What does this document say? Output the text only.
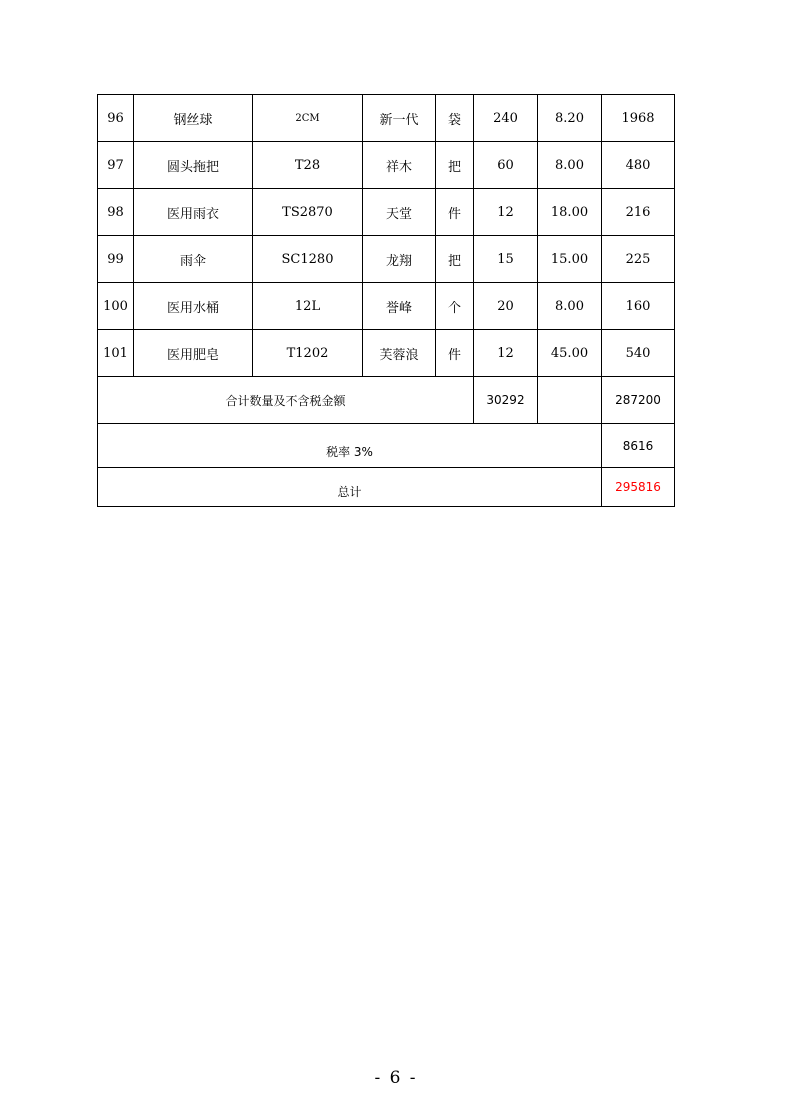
96	钢丝球	2CM	新一代	袋	240	8.20	1968
97	圆头拖把	T28	祥木	把	60	8.00	480
98	医用雨衣	TS2870	天堂	件	12	18.00	216
99	雨伞	SC1280	龙翔	把	15	15.00	225
100	医用水桶	12L	誉峰	个	20	8.00	160
101	医用肥皂	T1202	芙蓉浪	件	12	45.00	540
合计数量及不含税金额					30292		287200
税率 3%							8616
总计							295816
- 6 -
